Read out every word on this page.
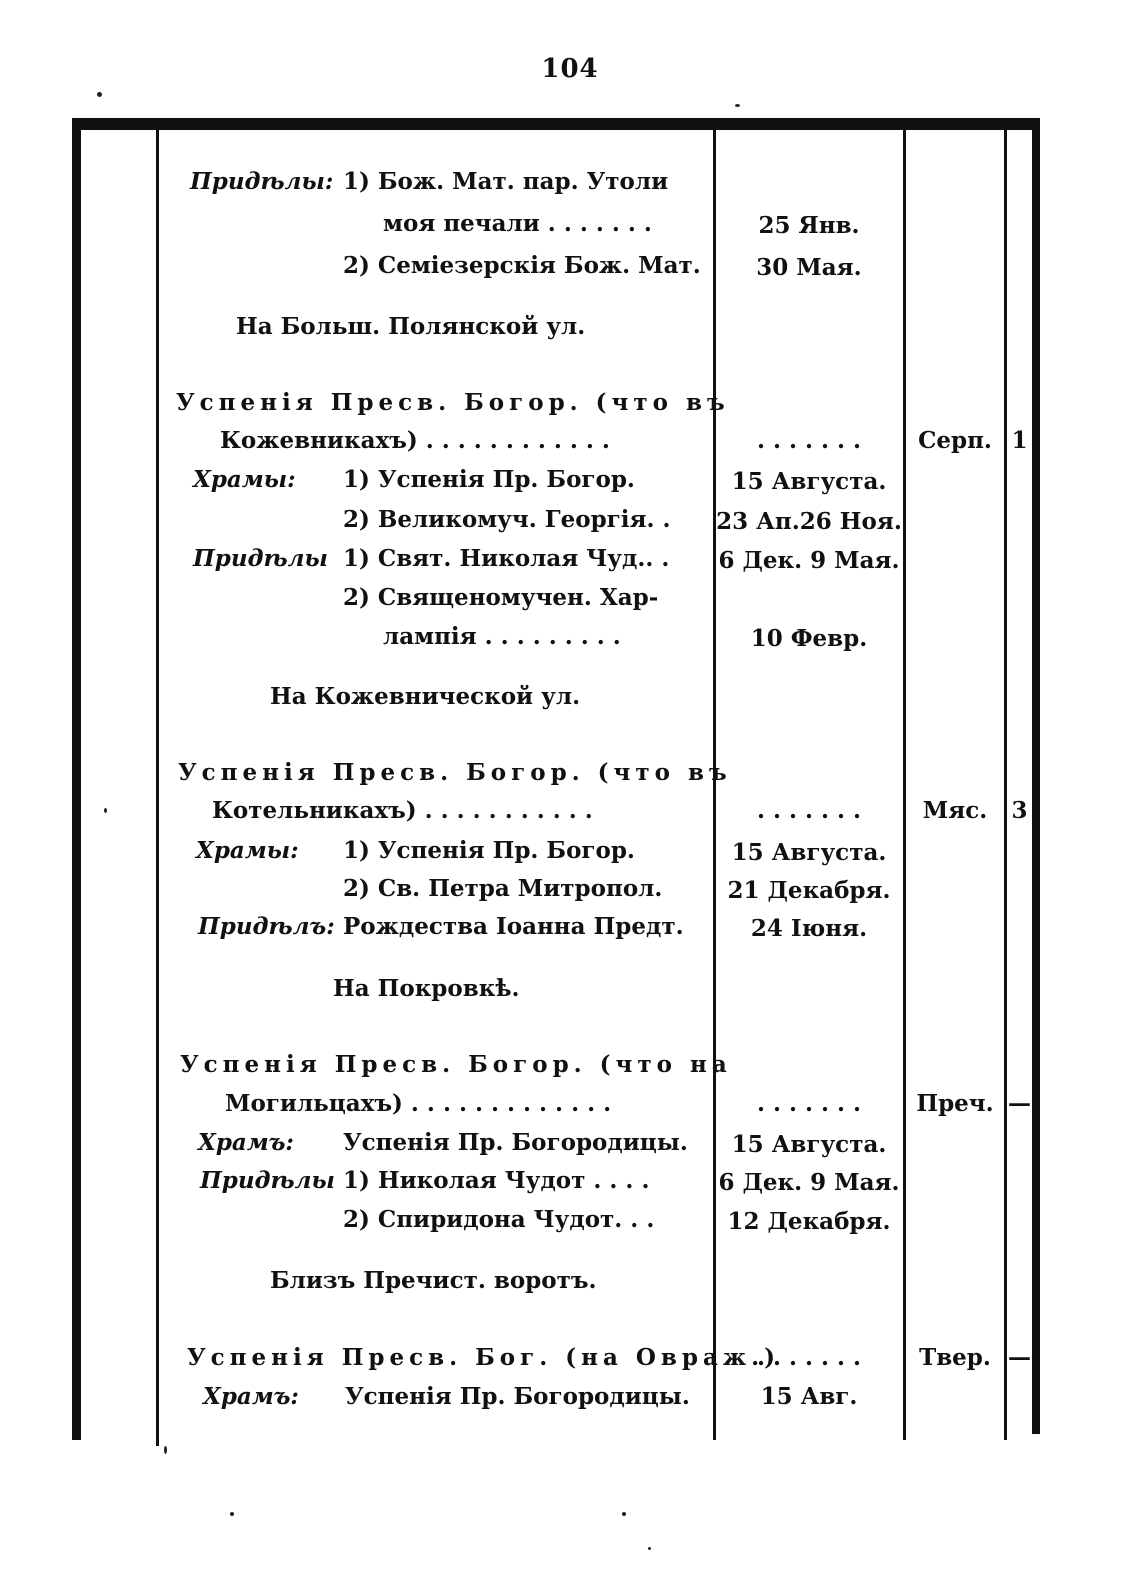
104
Придѣлы: 1) Бож. Мат. пар. Утоли
моя печали . . . . . . .	25 Янв.
2) Семiезерскiя Бож. Мат.	30 Мая.
На Больш. Полянской ул.
Успенiя Пресв. Богор. (что въ
Кожевникахъ) . . . . . . . . . . . .	. . . . . . .	Серп. 1
Храмы: 1) Успенiя Пр. Богор.	15 Августа.
2) Великомуч. Георгiя. . 23 Ап.26 Ноя.
Придѣлы 1) Свят. Николая Чуд.. . 6 Дек. 9 Мая.
2) Священомучен. Хар-
лампiя . . . . . . . . .	10 Февр.
На Кожевнической ул.
Успенiя Пресв. Богор. (что въ
Котельникахъ) . . . . . . . . . . .	. . . . . . .	Мяс.	3
Храмы: 1) Успенiя Пр. Богор.	15 Августа.
2) Св. Петра Митропол.	21 Декабря.
Придѣлъ: Рождества Iоанна Предт.	24 Iюня.
На Покровкѣ.
Успенiя Пресв. Богор. (что на
Могильцахъ) . . . . . . . . . . . . .	. . . . . . .	Преч. —
Храмъ: Успенiя Пр. Богородицы.	15 Августа.
Придѣлы 1) Николая Чудот . . . .	6 Дек. 9 Мая.
2) Спиридона Чудот. . .	12 Декабря.
Близъ Пречист. воротъ.
Успенiя Пресв. Бог. (на Овраж.)
. . . . . . .	Твер. —
Храмъ: Успенiя Пр. Богородицы.	15 Авг.
